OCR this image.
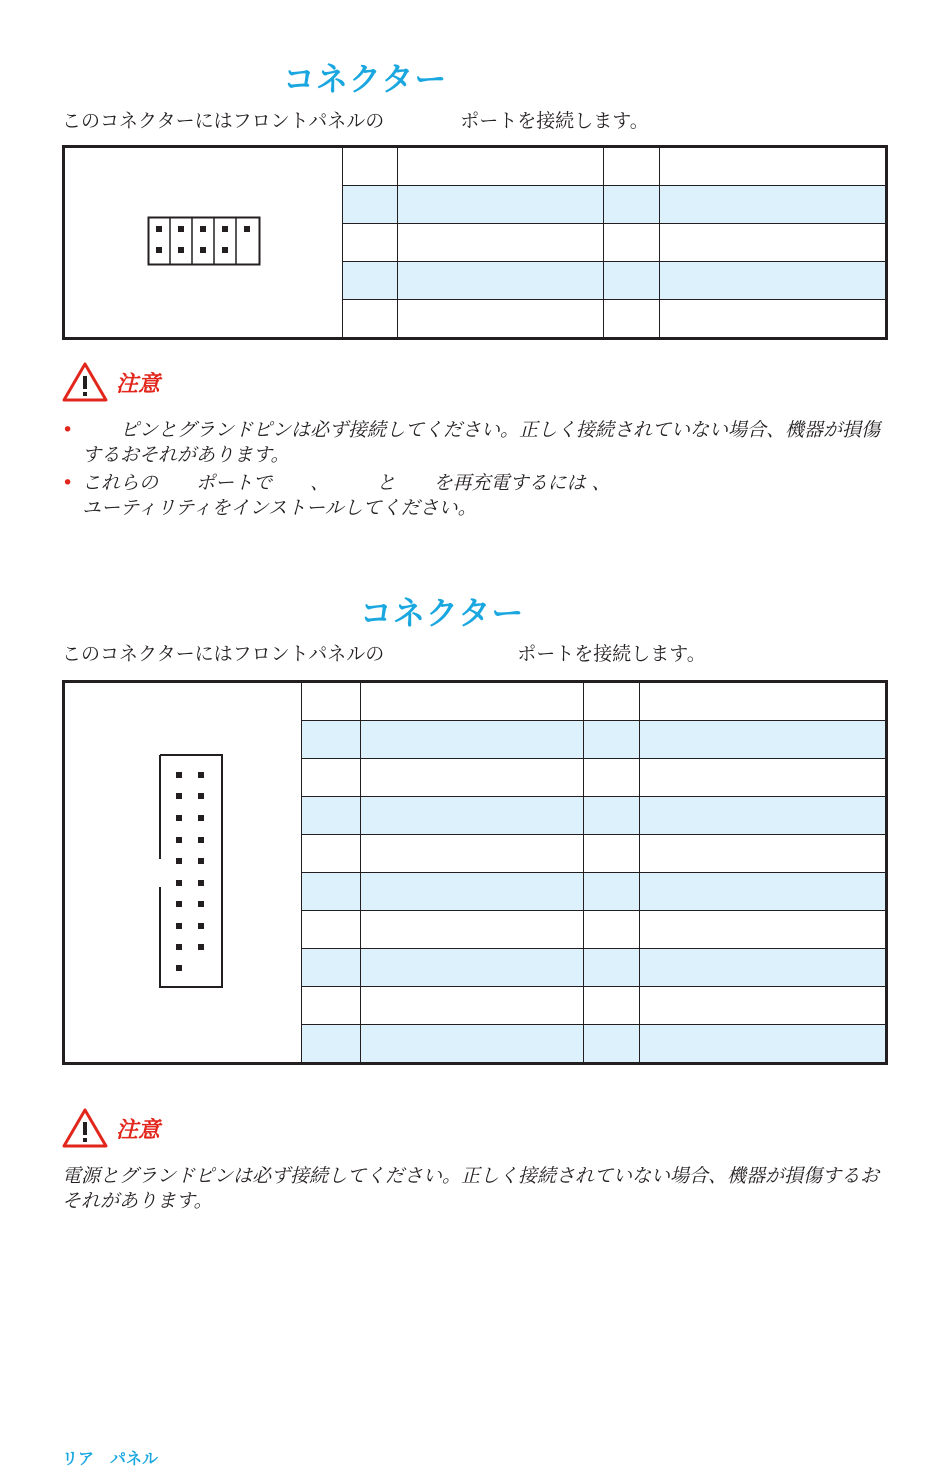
コネクター

このコネクターにはフロントパネルの　　　　ポートを接続します。

注意
• 　　ピンとグランドピンは必ず接続してください。正しく接続されていない場合、機器が損傷するおそれがあります。
• これらの　　ポートで　　、　　　と　　を再充電するには 、
ユーティリティをインストールしてください。
コネクター

このコネクターにはフロントパネルの　　　　　　　ポートを接続します。

注意

電源とグランドピンは必ず接続してください。正しく接続されていない場合、機器が損傷するおそれがあります。

リア　パネル
